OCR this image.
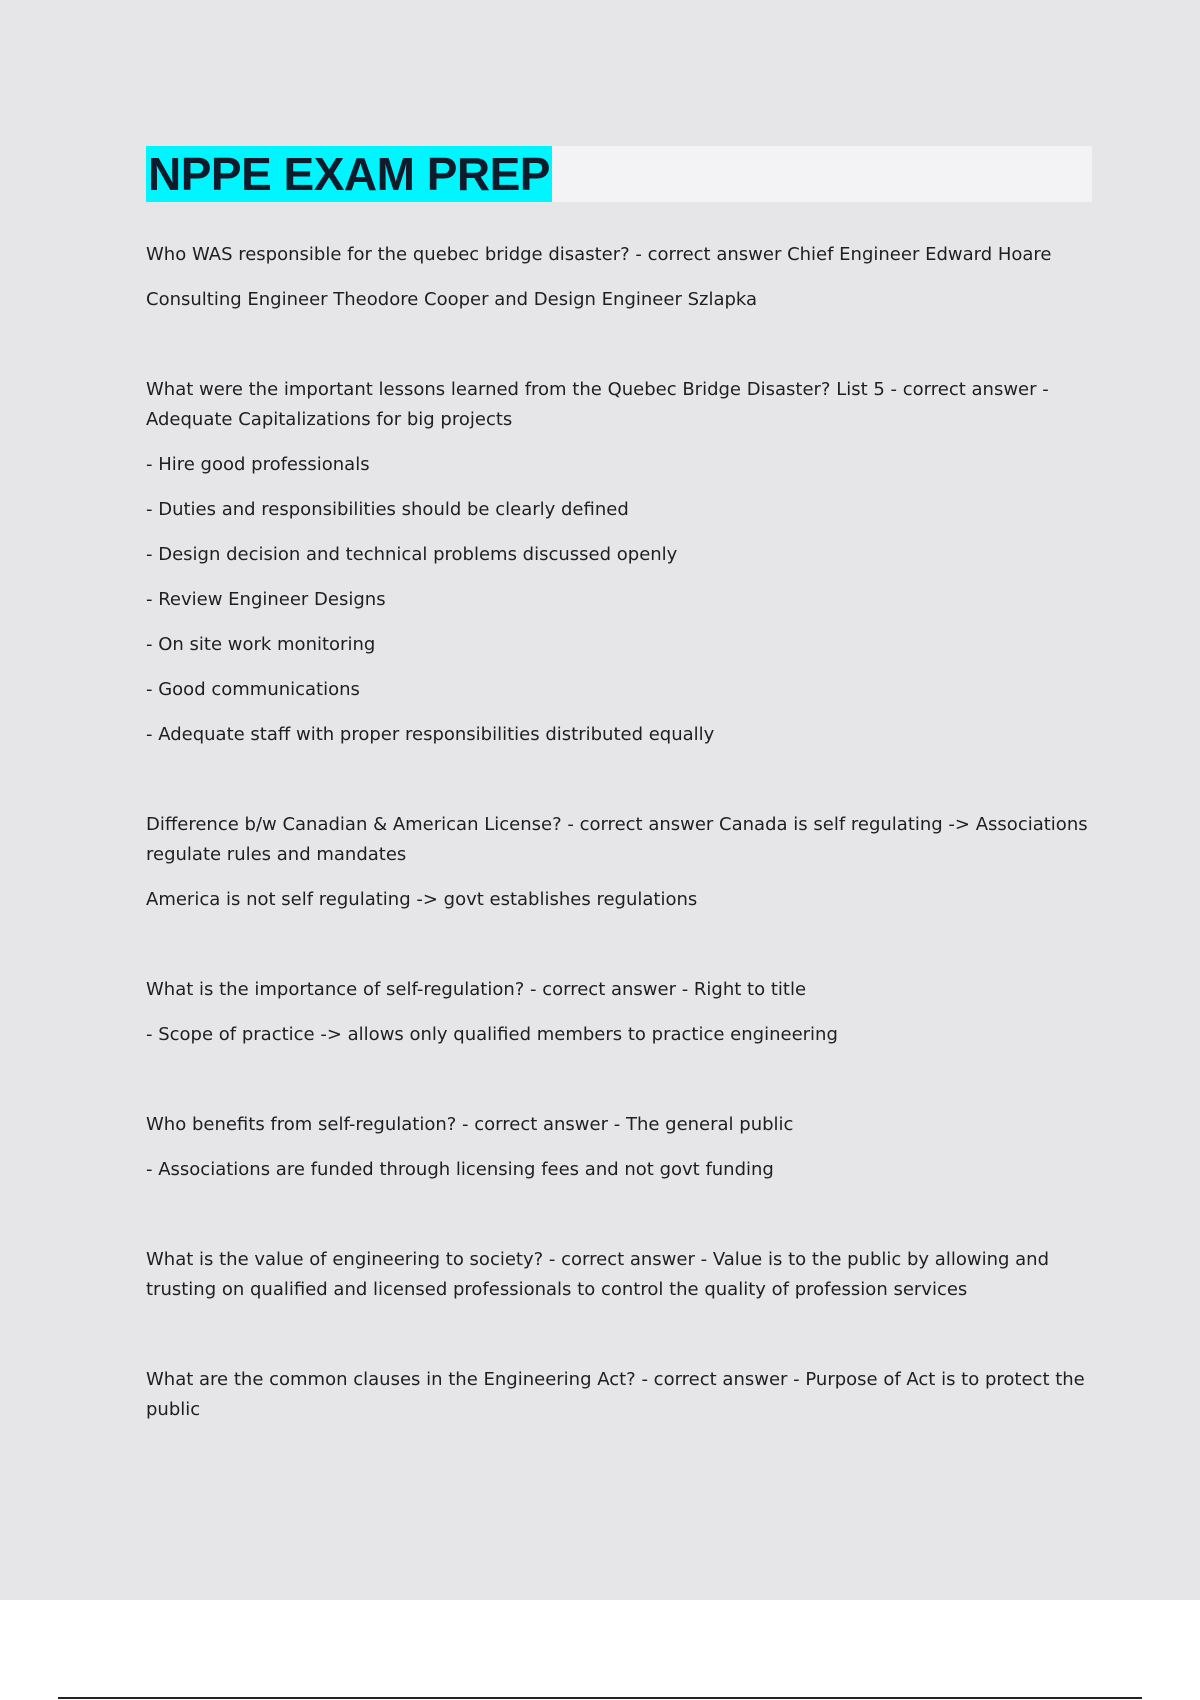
NPPE EXAM PREP

Who WAS responsible for the quebec bridge disaster? - correct answer Chief Engineer Edward Hoare

Consulting Engineer Theodore Cooper and Design Engineer Szlapka

What were the important lessons learned from the Quebec Bridge Disaster? List 5 - correct answer - Adequate Capitalizations for big projects

- Hire good professionals

- Duties and responsibilities should be clearly defined

- Design decision and technical problems discussed openly

- Review Engineer Designs

- On site work monitoring

- Good communications

- Adequate staff with proper responsibilities distributed equally

Difference b/w Canadian & American License? - correct answer Canada is self regulating -> Associations regulate rules and mandates

America is not self regulating -> govt establishes regulations

What is the importance of self-regulation? - correct answer - Right to title

- Scope of practice -> allows only qualified members to practice engineering

Who benefits from self-regulation? - correct answer - The general public

- Associations are funded through licensing fees and not govt funding

What is the value of engineering to society? - correct answer - Value is to the public by allowing and trusting on qualified and licensed professionals to control the quality of profession services

What are the common clauses in the Engineering Act? - correct answer - Purpose of Act is to protect the public
